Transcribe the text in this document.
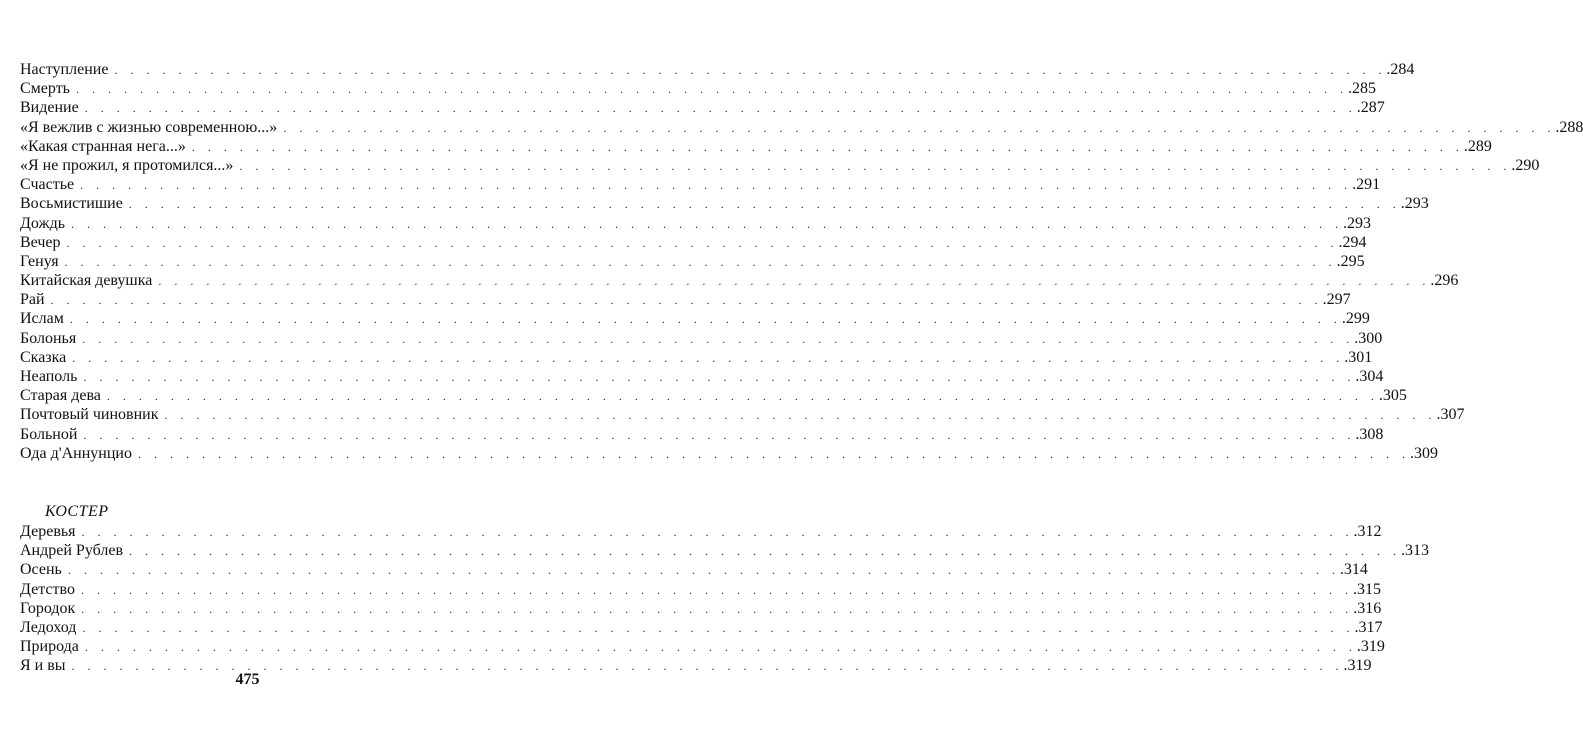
Наступление . . . . . . . . . . . . . . . . . . . . . . . . . . . . . . . . . . . . . . . . . . . . . . . . . . . . . . . . . . . . . . . . . . . . . . . . . . . . . . . . .284
Смерть . . . . . . . . . . . . . . . . . . . . . . . . . . . . . . . . . . . . . . . . . . . . . . . . . . . . . . . . . . . . . . . . . . . . . . . . . . . . . . . . .285
Видение . . . . . . . . . . . . . . . . . . . . . . . . . . . . . . . . . . . . . . . . . . . . . . . . . . . . . . . . . . . . . . . . . . . . . . . . . . . . . . . . .287
«Я вежлив с жизнью современною...» . . . . . . . . . . . . . . . . . . . . . . . . . . . . . . . . . . . . . . . . . . . . . . . . . . . . . . . . . . . . . . . . . . . . . . . . . . . . . . . . .288
«Какая странная нега...» . . . . . . . . . . . . . . . . . . . . . . . . . . . . . . . . . . . . . . . . . . . . . . . . . . . . . . . . . . . . . . . . . . . . . . . . . . . . . . . . .289
«Я не прожил, я протомился...» . . . . . . . . . . . . . . . . . . . . . . . . . . . . . . . . . . . . . . . . . . . . . . . . . . . . . . . . . . . . . . . . . . . . . . . . . . . . . . . . .290
Счастье . . . . . . . . . . . . . . . . . . . . . . . . . . . . . . . . . . . . . . . . . . . . . . . . . . . . . . . . . . . . . . . . . . . . . . . . . . . . . . . . .291
Восьмистишие . . . . . . . . . . . . . . . . . . . . . . . . . . . . . . . . . . . . . . . . . . . . . . . . . . . . . . . . . . . . . . . . . . . . . . . . . . . . . . . . .293
Дождь . . . . . . . . . . . . . . . . . . . . . . . . . . . . . . . . . . . . . . . . . . . . . . . . . . . . . . . . . . . . . . . . . . . . . . . . . . . . . . . . .293
Вечер . . . . . . . . . . . . . . . . . . . . . . . . . . . . . . . . . . . . . . . . . . . . . . . . . . . . . . . . . . . . . . . . . . . . . . . . . . . . . . . . .294
Генуя . . . . . . . . . . . . . . . . . . . . . . . . . . . . . . . . . . . . . . . . . . . . . . . . . . . . . . . . . . . . . . . . . . . . . . . . . . . . . . . . .295
Китайская девушка . . . . . . . . . . . . . . . . . . . . . . . . . . . . . . . . . . . . . . . . . . . . . . . . . . . . . . . . . . . . . . . . . . . . . . . . . . . . . . . . .296
Рай . . . . . . . . . . . . . . . . . . . . . . . . . . . . . . . . . . . . . . . . . . . . . . . . . . . . . . . . . . . . . . . . . . . . . . . . . . . . . . . . .297
Ислам . . . . . . . . . . . . . . . . . . . . . . . . . . . . . . . . . . . . . . . . . . . . . . . . . . . . . . . . . . . . . . . . . . . . . . . . . . . . . . . . .299
Болонья . . . . . . . . . . . . . . . . . . . . . . . . . . . . . . . . . . . . . . . . . . . . . . . . . . . . . . . . . . . . . . . . . . . . . . . . . . . . . . . . .300
Сказка . . . . . . . . . . . . . . . . . . . . . . . . . . . . . . . . . . . . . . . . . . . . . . . . . . . . . . . . . . . . . . . . . . . . . . . . . . . . . . . . .301
Неаполь . . . . . . . . . . . . . . . . . . . . . . . . . . . . . . . . . . . . . . . . . . . . . . . . . . . . . . . . . . . . . . . . . . . . . . . . . . . . . . . . .304
Старая дева . . . . . . . . . . . . . . . . . . . . . . . . . . . . . . . . . . . . . . . . . . . . . . . . . . . . . . . . . . . . . . . . . . . . . . . . . . . . . . . . .305
Почтовый чиновник . . . . . . . . . . . . . . . . . . . . . . . . . . . . . . . . . . . . . . . . . . . . . . . . . . . . . . . . . . . . . . . . . . . . . . . . . . . . . . . . .307
Больной . . . . . . . . . . . . . . . . . . . . . . . . . . . . . . . . . . . . . . . . . . . . . . . . . . . . . . . . . . . . . . . . . . . . . . . . . . . . . . . . .308
Ода д'Аннунцио . . . . . . . . . . . . . . . . . . . . . . . . . . . . . . . . . . . . . . . . . . . . . . . . . . . . . . . . . . . . . . . . . . . . . . . . . . . . . . . . .309
КОСТЕР
Деревья . . . . . . . . . . . . . . . . . . . . . . . . . . . . . . . . . . . . . . . . . . . . . . . . . . . . . . . . . . . . . . . . . . . . . . . . . . . . . . . . .312
Андрей Рублев . . . . . . . . . . . . . . . . . . . . . . . . . . . . . . . . . . . . . . . . . . . . . . . . . . . . . . . . . . . . . . . . . . . . . . . . . . . . . . . . .313
Осень . . . . . . . . . . . . . . . . . . . . . . . . . . . . . . . . . . . . . . . . . . . . . . . . . . . . . . . . . . . . . . . . . . . . . . . . . . . . . . . . .314
Детство . . . . . . . . . . . . . . . . . . . . . . . . . . . . . . . . . . . . . . . . . . . . . . . . . . . . . . . . . . . . . . . . . . . . . . . . . . . . . . . . .315
Городок . . . . . . . . . . . . . . . . . . . . . . . . . . . . . . . . . . . . . . . . . . . . . . . . . . . . . . . . . . . . . . . . . . . . . . . . . . . . . . . . .316
Ледоход . . . . . . . . . . . . . . . . . . . . . . . . . . . . . . . . . . . . . . . . . . . . . . . . . . . . . . . . . . . . . . . . . . . . . . . . . . . . . . . . .317
Природа . . . . . . . . . . . . . . . . . . . . . . . . . . . . . . . . . . . . . . . . . . . . . . . . . . . . . . . . . . . . . . . . . . . . . . . . . . . . . . . . .319
Я и вы . . . . . . . . . . . . . . . . . . . . . . . . . . . . . . . . . . . . . . . . . . . . . . . . . . . . . . . . . . . . . . . . . . . . . . . . . . . . . . . . .319
475
